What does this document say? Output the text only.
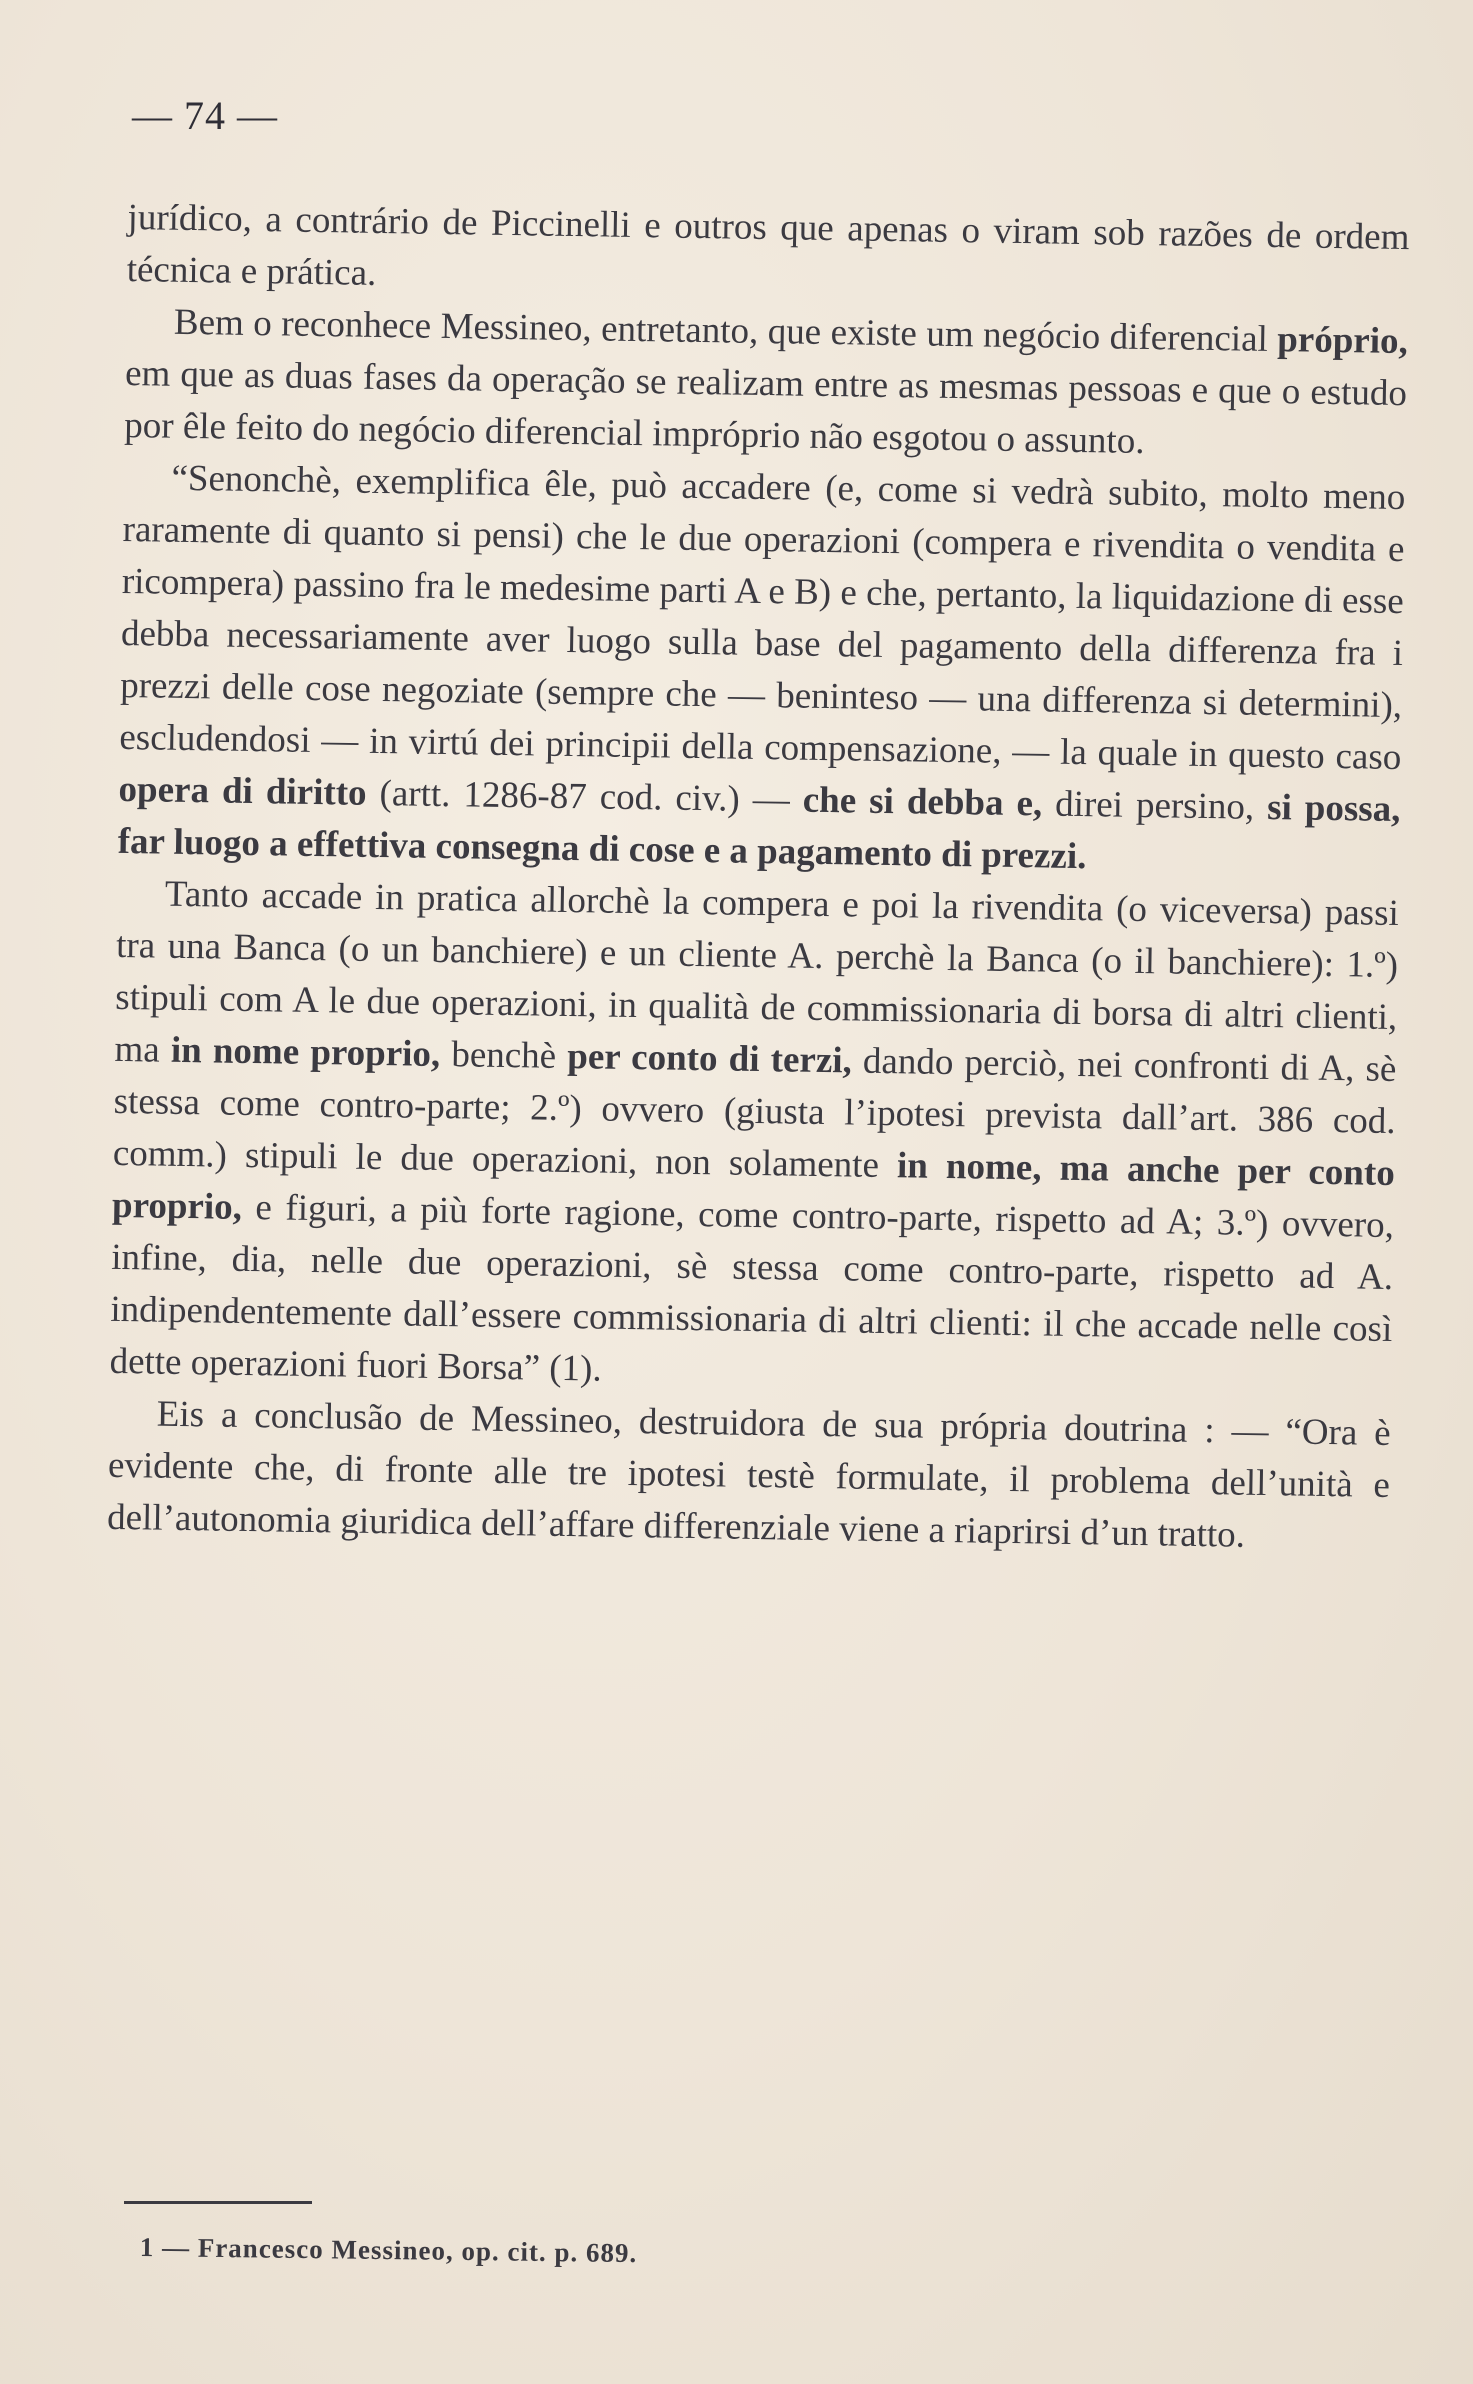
— 74 —

jurídico, a contrário de Piccinelli e outros que apenas o viram sob razões de ordem técnica e prática.

Bem o reconhece Messineo, entretanto, que existe um negócio diferencial próprio, em que as duas fases da operação se realizam entre as mesmas pessoas e que o estudo por êle feito do negócio diferencial impróprio não esgotou o assunto.

“Senonchè, exemplifica êle, può accadere (e, come si vedrà subito, molto meno raramente di quanto si pensi) che le due operazioni (compera e rivendita o vendita e ricompera) passino fra le medesime parti A e B) e che, pertanto, la liquidazione di esse debba necessariamente aver luogo sulla base del pagamento della differenza fra i prezzi delle cose negoziate (sempre che — beninteso — una differenza si determini), escludendosi — in virtú dei principii della compensazione, — la quale in questo caso opera di diritto (artt. 1286-87 cod. civ.) — che si debba e, direi persino, si possa, far luogo a effettiva consegna di cose e a pagamento di prezzi.

Tanto accade in pratica allorchè la compera e poi la rivendita (o viceversa) passi tra una Banca (o un banchiere) e un cliente A. perchè la Banca (o il banchiere): 1.º) stipuli com A le due operazioni, in qualità de commissionaria di borsa di altri clienti, ma in nome proprio, benchè per conto di terzi, dando perciò, nei confronti di A, sè stessa come contro-parte; 2.º) ovvero (giusta l’ipotesi prevista dall’art. 386 cod. comm.) stipuli le due operazioni, non solamente in nome, ma anche per conto proprio, e figuri, a più forte ragione, come contro-parte, rispetto ad A; 3.º) ovvero, infine, dia, nelle due operazioni, sè stessa come contro-parte, rispetto ad A. indipendentemente dall’essere commissionaria di altri clienti: il che accade nelle così dette operazioni fuori Borsa” (1).

Eis a conclusão de Messineo, destruidora de sua própria doutrina : — “Ora è evidente che, di fronte alle tre ipotesi testè formulate, il problema dell’unità e dell’autonomia giuridica dell’affare differenziale viene a riaprirsi d’un tratto.

1 — Francesco Messineo, op. cit. p. 689.
